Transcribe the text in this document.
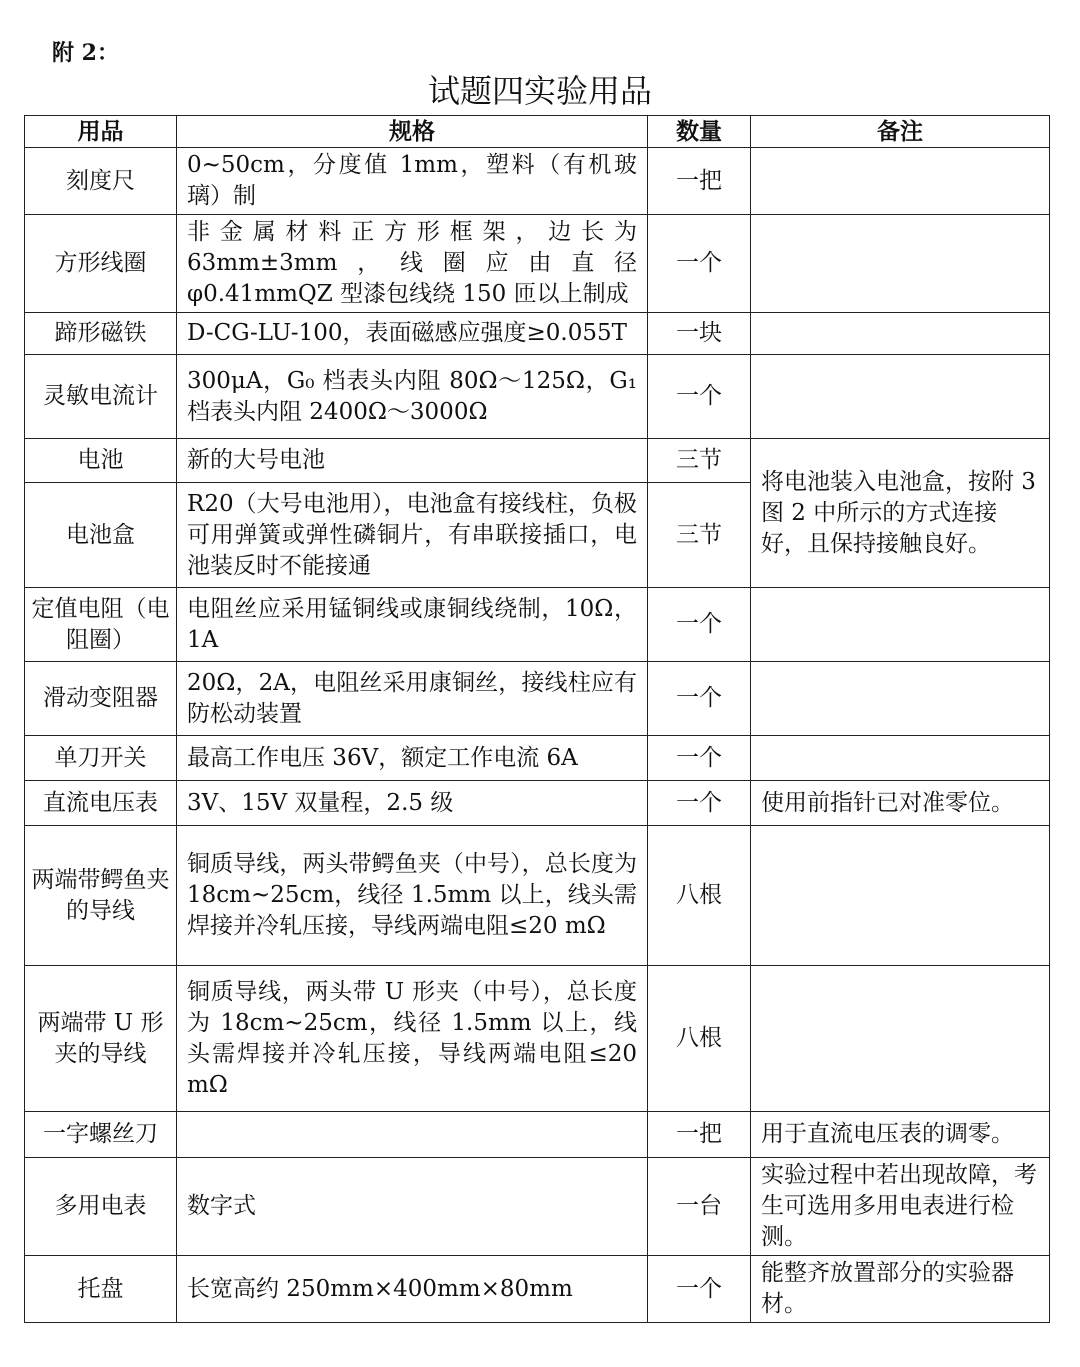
附 2：
试题四实验用品
用品	规格	数量	备注
刻度尺	0~50cm，分度值 1mm，塑料（有机玻璃）制	一把	
方形线圈	非金属材料正方形框架，边长为 63mm±3mm，线圈应由直径 φ0.41mmQZ 型漆包线绕 150 匝以上制成	一个	
蹄形磁铁	D-CG-LU-100，表面磁感应强度≥0.055T	一块	
灵敏电流计	300μA，G₀ 档表头内阻 80Ω～125Ω，G₁ 档表头内阻 2400Ω～3000Ω	一个	
电池	新的大号电池	三节	将电池装入电池盒，按附 3 图 2 中所示的方式连接好，且保持接触良好。
电池盒	R20（大号电池用），电池盒有接线柱，负极可用弹簧或弹性磷铜片，有串联接插口，电池装反时不能接通	三节	
定值电阻（电阻圈）	电阻丝应采用锰铜线或康铜线绕制，10Ω，1A	一个	
滑动变阻器	20Ω，2A，电阻丝采用康铜丝，接线柱应有防松动装置	一个	
单刀开关	最高工作电压 36V，额定工作电流 6A	一个	
直流电压表	3V、15V 双量程，2.5 级	一个	使用前指针已对准零位。
两端带鳄鱼夹的导线	铜质导线，两头带鳄鱼夹（中号），总长度为 18cm~25cm，线径 1.5mm 以上，线头需焊接并冷轧压接，导线两端电阻≤20 mΩ	八根	
两端带 U 形夹的导线	铜质导线，两头带 U 形夹（中号），总长度为 18cm~25cm，线径 1.5mm 以上，线头需焊接并冷轧压接，导线两端电阻≤20 mΩ	八根	
一字螺丝刀		一把	用于直流电压表的调零。
多用电表	数字式	一台	实验过程中若出现故障，考生可选用多用电表进行检测。
托盘	长宽高约 250mm×400mm×80mm	一个	能整齐放置部分的实验器材。
